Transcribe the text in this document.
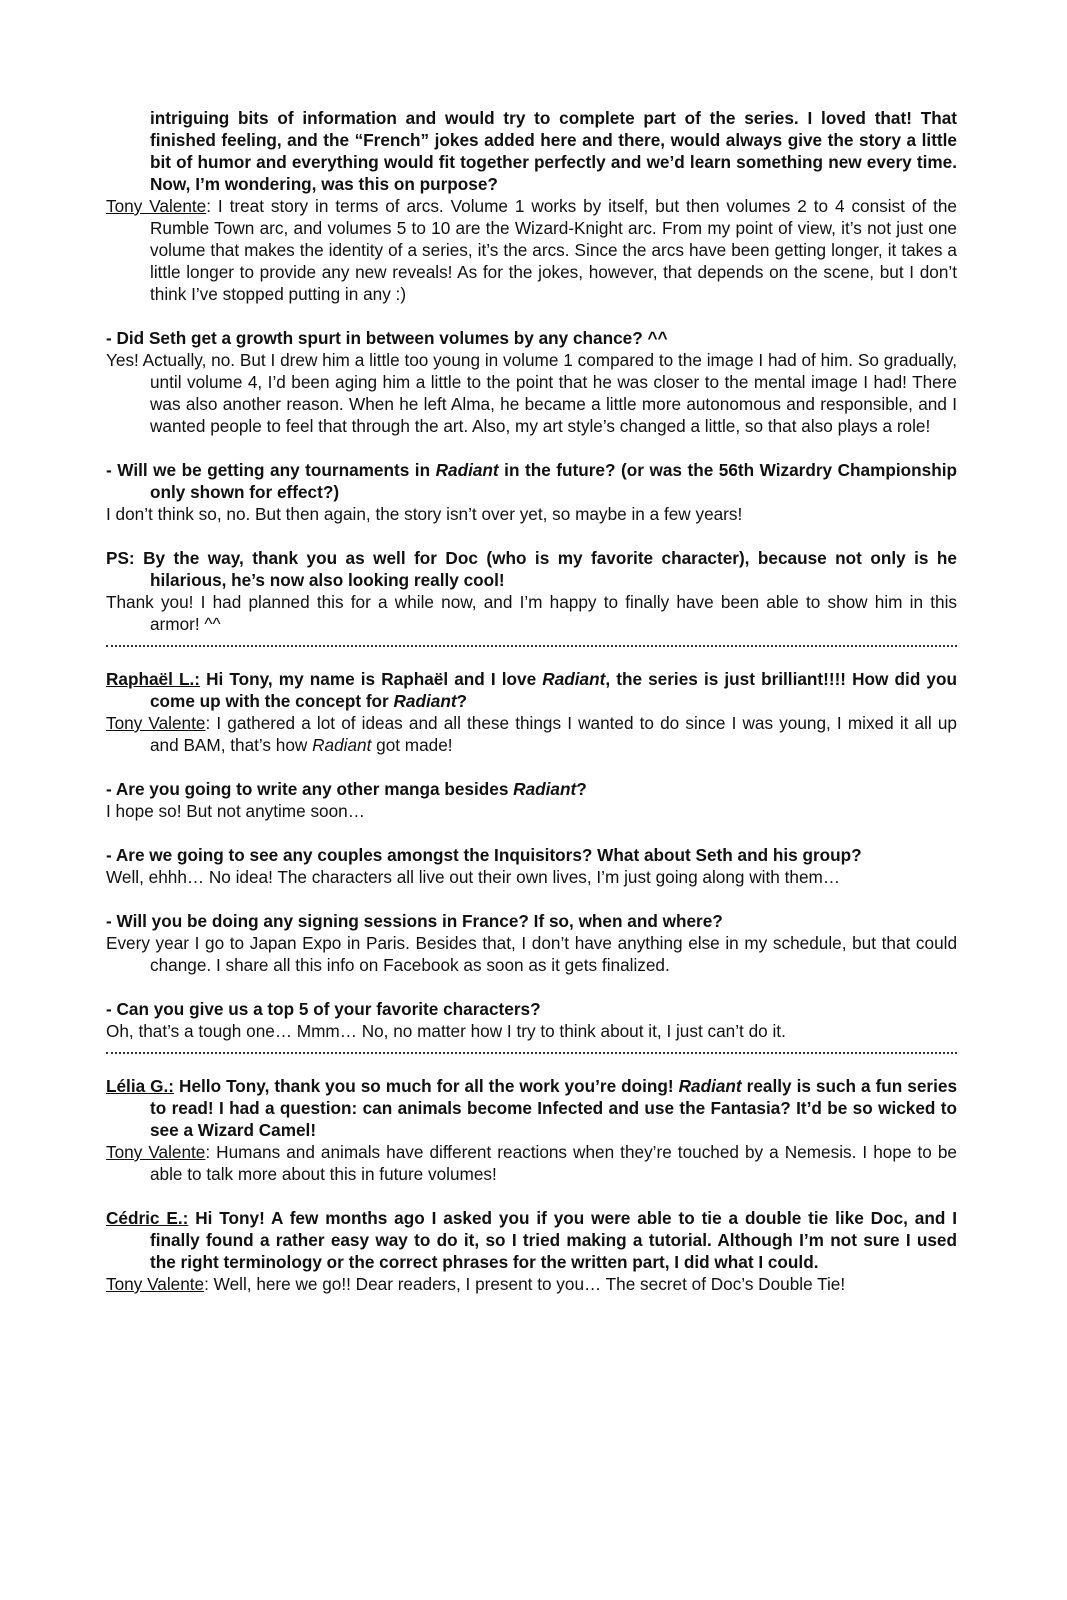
intriguing bits of information and would try to complete part of the series. I loved that! That finished feeling, and the “French” jokes added here and there, would always give the story a little bit of humor and everything would fit together perfectly and we’d learn something new every time. Now, I’m wondering, was this on purpose?

Tony Valente: I treat story in terms of arcs. Volume 1 works by itself, but then volumes 2 to 4 consist of the Rumble Town arc, and volumes 5 to 10 are the Wizard-Knight arc. From my point of view, it’s not just one volume that makes the identity of a series, it’s the arcs. Since the arcs have been getting longer, it takes a little longer to provide any new reveals! As for the jokes, however, that depends on the scene, but I don’t think I’ve stopped putting in any :)

- Did Seth get a growth spurt in between volumes by any chance? ^^

Yes! Actually, no. But I drew him a little too young in volume 1 compared to the image I had of him. So gradually, until volume 4, I’d been aging him a little to the point that he was closer to the mental image I had! There was also another reason. When he left Alma, he became a little more autonomous and responsible, and I wanted people to feel that through the art. Also, my art style’s changed a little, so that also plays a role!

- Will we be getting any tournaments in Radiant in the future? (or was the 56th Wizardry Championship only shown for effect?)

I don’t think so, no. But then again, the story isn’t over yet, so maybe in a few years!

PS: By the way, thank you as well for Doc (who is my favorite character), because not only is he hilarious, he’s now also looking really cool!

Thank you! I had planned this for a while now, and I’m happy to finally have been able to show him in this armor! ^^

Raphaël L.: Hi Tony, my name is Raphaël and I love Radiant, the series is just brilliant!!!! How did you come up with the concept for Radiant?

Tony Valente: I gathered a lot of ideas and all these things I wanted to do since I was young, I mixed it all up and BAM, that’s how Radiant got made!

- Are you going to write any other manga besides Radiant?

I hope so! But not anytime soon…

- Are we going to see any couples amongst the Inquisitors? What about Seth and his group?

Well, ehhh… No idea! The characters all live out their own lives, I’m just going along with them…

- Will you be doing any signing sessions in France? If so, when and where?

Every year I go to Japan Expo in Paris. Besides that, I don’t have anything else in my schedule, but that could change. I share all this info on Facebook as soon as it gets finalized.

- Can you give us a top 5 of your favorite characters?

Oh, that’s a tough one… Mmm… No, no matter how I try to think about it, I just can’t do it.

Lélia G.: Hello Tony, thank you so much for all the work you’re doing! Radiant really is such a fun series to read! I had a question: can animals become Infected and use the Fantasia? It’d be so wicked to see a Wizard Camel!

Tony Valente: Humans and animals have different reactions when they’re touched by a Nemesis. I hope to be able to talk more about this in future volumes!

Cédric E.: Hi Tony! A few months ago I asked you if you were able to tie a double tie like Doc, and I finally found a rather easy way to do it, so I tried making a tutorial. Although I’m not sure I used the right terminology or the correct phrases for the written part, I did what I could.

Tony Valente: Well, here we go!! Dear readers, I present to you… The secret of Doc’s Double Tie!
